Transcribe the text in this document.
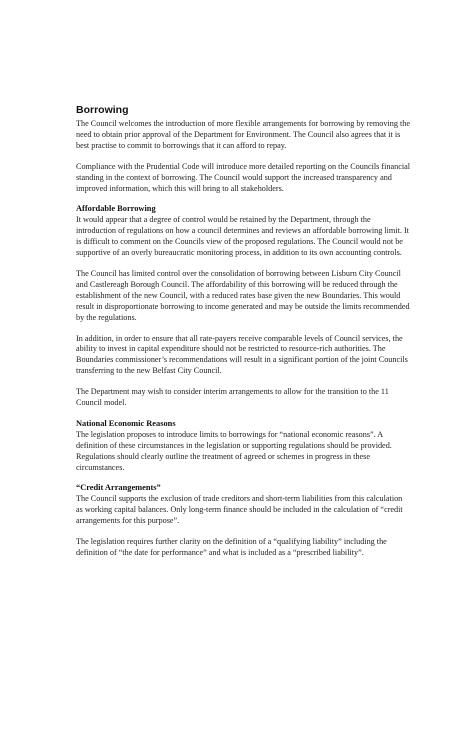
Borrowing

The Council welcomes the introduction of more flexible arrangements for borrowing by removing the need to obtain prior approval of the Department for Environment. The Council also agrees that it is best practise to commit to borrowings that it can afford to repay.

Compliance with the Prudential Code will introduce more detailed reporting on the Councils financial standing in the context of borrowing. The Council would support the increased transparency and improved information, which this will bring to all stakeholders.

Affordable Borrowing

It would appear that a degree of control would be retained by the Department, through the introduction of regulations on how a council determines and reviews an affordable borrowing limit. It is difficult to comment on the Councils view of the proposed regulations. The Council would not be supportive of an overly bureaucratic monitoring process, in addition to its own accounting controls.

The Council has limited control over the consolidation of borrowing between Lisburn City Council and Castlereagh Borough Council. The affordability of this borrowing will be reduced through the establishment of the new Council, with a reduced rates base given the new Boundaries. This would result in disproportionate borrowing to income generated and may be outside the limits recommended by the regulations.

In addition, in order to ensure that all rate-payers receive comparable levels of Council services, the ability to invest in capital expenditure should not be restricted to resource-rich authorities. The Boundaries commissioner’s recommendations will result in a significant portion of the joint Councils transferring to the new Belfast City Council.

The Department may wish to consider interim arrangements to allow for the transition to the 11 Council model.

National Economic Reasons

The legislation proposes to introduce limits to borrowings for “national economic reasons”. A definition of these circumstances in the legislation or supporting regulations should be provided. Regulations should clearly outline the treatment of agreed or schemes in progress in these circumstances.

“Credit Arrangements”

The Council supports the exclusion of trade creditors and short-term liabilities from this calculation as working capital balances. Only long-term finance should be included in the calculation of “credit arrangements for this purpose”.

The legislation requires further clarity on the definition of a “qualifying liability” including the definition of “the date for performance” and what is included as a “prescribed liability”.
